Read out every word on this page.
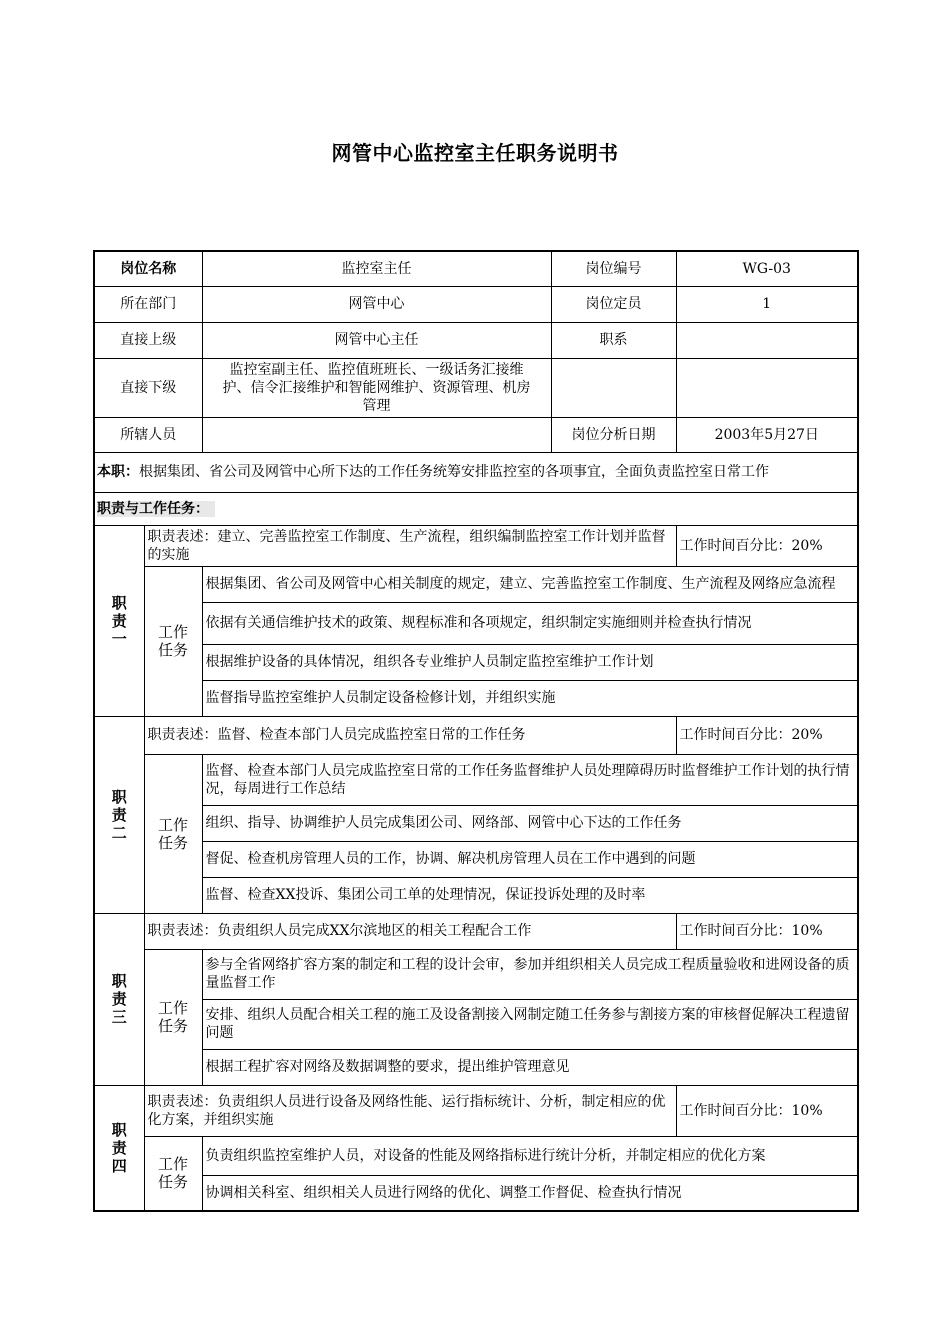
网管中心监控室主任职务说明书
岗位名称		监控室主任	岗位编号	WG-03
所在部门		网管中心	岗位定员	1
直接上级		网管中心主任	职系	
直接下级		监控室副主任、监控值班班长、一级话务汇接维护、信令汇接维护和智能网维护、资源管理、机房管理		
所辖人员			岗位分析日期	2003年5月27日
本职：根据集团、省公司及网管中心所下达的工作任务统筹安排监控室的各项事宜，全面负责监控室日常工作				
职责与工作任务：				

职
责
一	职责表述：建立、完善监控室工作制度、生产流程，组织编制监控室工作计划并监督的实施			工作时间百分比：20%

	工作
任务	根据集团、省公司及网管中心相关制度的规定，建立、完善监控室工作制度、生产流程及网络应急流程		
		依据有关通信维护技术的政策、规程标准和各项规定，组织制定实施细则并检查执行情况		
		根据维护设备的具体情况，组织各专业维护人员制定监控室维护工作计划		
		监督指导监控室维护人员制定设备检修计划，并组织实施		

职
责
二	职责表述：监督、检查本部门人员完成监控室日常的工作任务			工作时间百分比：20%

	工作
任务	监督、检查本部门人员完成监控室日常的工作任务监督维护人员处理障碍历时监督维护工作计划的执行情况，每周进行工作总结		
		组织、指导、协调维护人员完成集团公司、网络部、网管中心下达的工作任务		
		督促、检查机房管理人员的工作，协调、解决机房管理人员在工作中遇到的问题		
		监督、检查XX投诉、集团公司工单的处理情况，保证投诉处理的及时率		

职
责
三	职责表述：负责组织人员完成XX尔滨地区的相关工程配合工作			工作时间百分比：10%

	工作
任务	参与全省网络扩容方案的制定和工程的设计会审，参加并组织相关人员完成工程质量验收和进网设备的质量监督工作		
		安排、组织人员配合相关工程的施工及设备割接入网制定随工任务参与割接方案的审核督促解决工程遗留问题		
		根据工程扩容对网络及数据调整的要求，提出维护管理意见		

职
责
四	职责表述：负责组织人员进行设备及网络性能、运行指标统计、分析，制定相应的优化方案，并组织实施			工作时间百分比：10%

	工作
任务	负责组织监控室维护人员，对设备的性能及网络指标进行统计分析，并制定相应的优化方案		
		协调相关科室、组织相关人员进行网络的优化、调整工作督促、检查执行情况		
